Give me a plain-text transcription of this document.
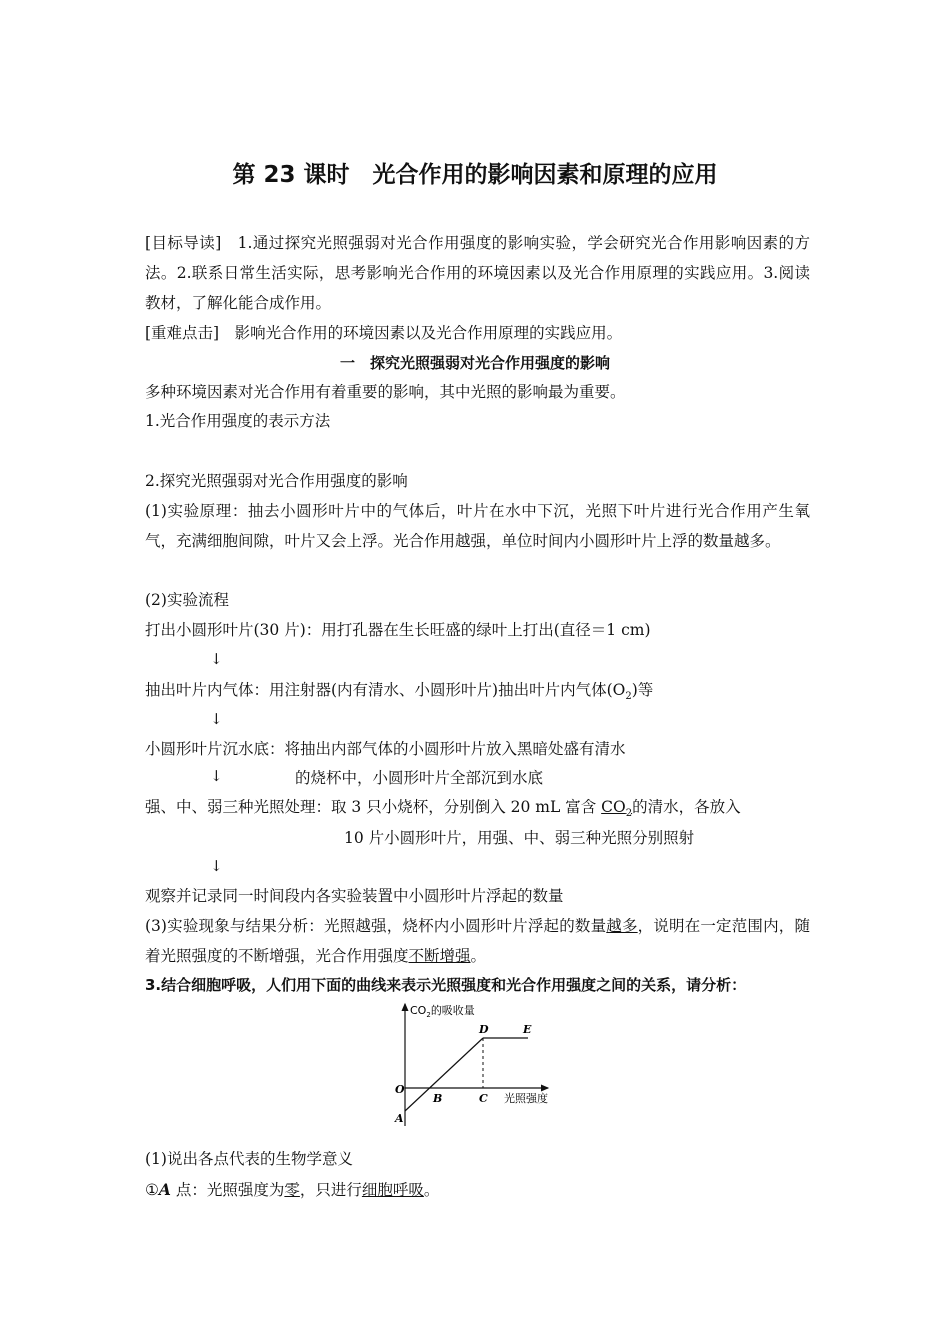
第 23 课时　光合作用的影响因素和原理的应用
[目标导读]　1.通过探究光照强弱对光合作用强度的影响实验，学会研究光合作用影响因素的方法。2.联系日常生活实际，思考影响光合作用的环境因素以及光合作用原理的实践应用。3.阅读教材，了解化能合成作用。
[重难点击]　影响光合作用的环境因素以及光合作用原理的实践应用。
一　探究光照强弱对光合作用强度的影响
多种环境因素对光合作用有着重要的影响，其中光照的影响最为重要。
1.光合作用强度的表示方法
2.探究光照强弱对光合作用强度的影响
(1)实验原理：抽去小圆形叶片中的气体后，叶片在水中下沉，光照下叶片进行光合作用产生氧气，充满细胞间隙，叶片又会上浮。光合作用越强，单位时间内小圆形叶片上浮的数量越多。
(2)实验流程
打出小圆形叶片(30 片)：用打孔器在生长旺盛的绿叶上打出(直径＝1 cm)
↓
抽出叶片内气体：用注射器(内有清水、小圆形叶片)抽出叶片内气体$(O_2)$等
↓
小圆形叶片沉水底：将抽出内部气体的小圆形叶片放入黑暗处盛有清水
↓	的烧杯中，小圆形叶片全部沉到水底
强、中、弱三种光照处理：取 3 只小烧杯，分别倒入 20 mL 富含 $CO_2$的清水，各放入
10 片小圆形叶片，用强、中、弱三种光照分别照射
↓
观察并记录同一时间段内各实验装置中小圆形叶片浮起的数量
(3)实验现象与结果分析：光照越强，烧杯内小圆形叶片浮起的数量越多，说明在一定范围内，随着光照强度的不断增强，光合作用强度不断增强。
3.结合细胞呼吸，人们用下面的曲线来表示光照强度和光合作用强度之间的关系，请分析：
$CO_2$的吸收量
光照强度
O
A
B	C
D	E
(1)说出各点代表的生物学意义
①A 点：光照强度为零，只进行细胞呼吸。
